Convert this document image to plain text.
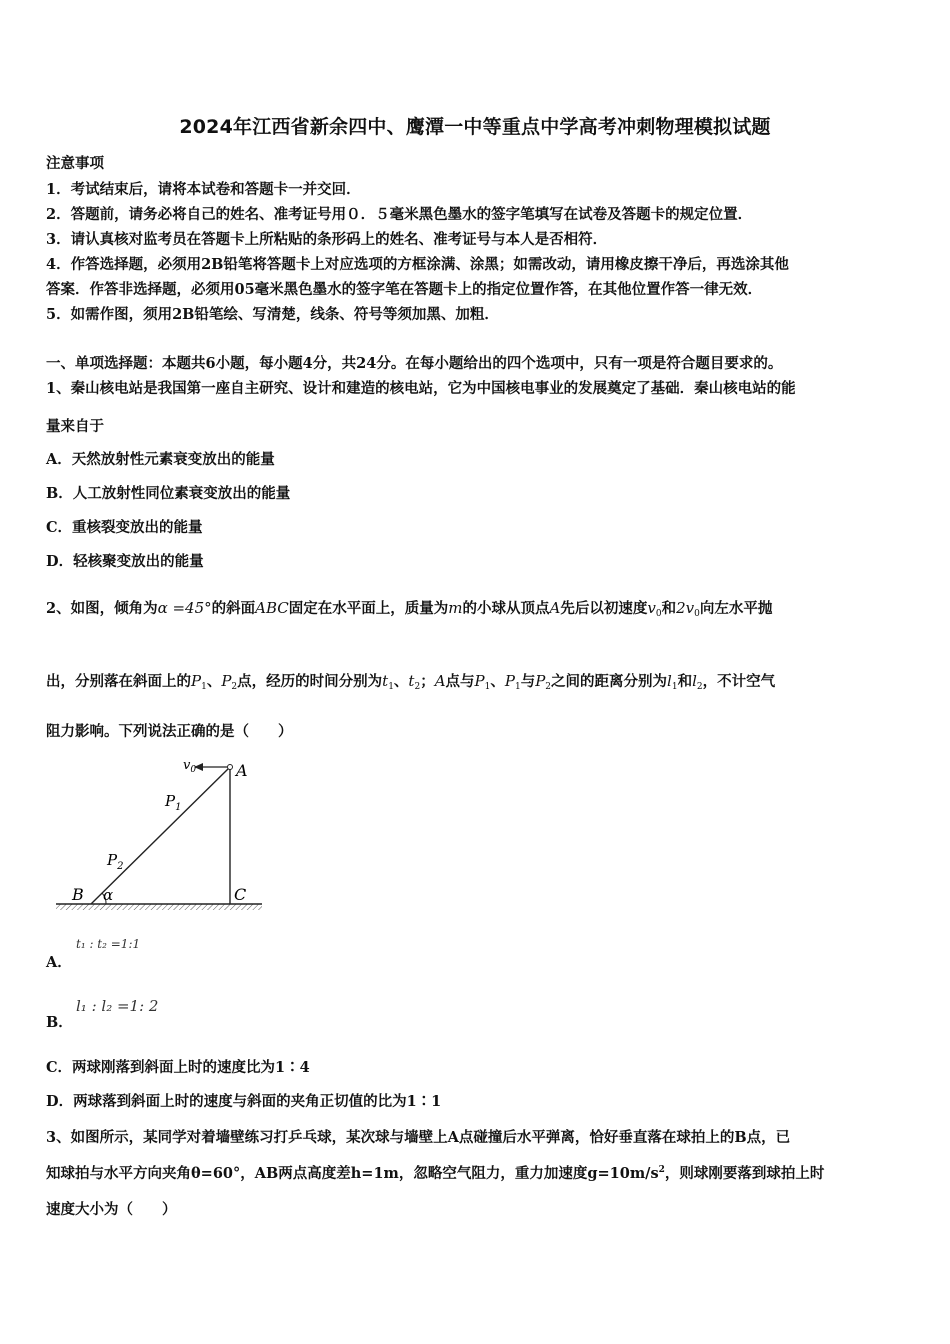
2024年江西省新余四中、鹰潭一中等重点中学高考冲刺物理模拟试题
注意事项
1．考试结束后，请将本试卷和答题卡一并交回．
2．答题前，请务必将自己的姓名、准考证号用０．５毫米黑色墨水的签字笔填写在试卷及答题卡的规定位置．
3．请认真核对监考员在答题卡上所粘贴的条形码上的姓名、准考证号与本人是否相符．
4．作答选择题，必须用2B铅笔将答题卡上对应选项的方框涂满、涂黑；如需改动，请用橡皮擦干净后，再选涂其他
答案．作答非选择题，必须用05毫米黑色墨水的签字笔在答题卡上的指定位置作答，在其他位置作答一律无效．
5．如需作图，须用2B铅笔绘、写清楚，线条、符号等须加黑、加粗．
一、单项选择题：本题共6小题，每小题4分，共24分。在每小题给出的四个选项中，只有一项是符合题目要求的。
1、秦山核电站是我国第一座自主研究、设计和建造的核电站，它为中国核电事业的发展奠定了基础．秦山核电站的能
量来自于
A．天然放射性元素衰变放出的能量
B．人工放射性同位素衰变放出的能量
C．重核裂变放出的能量
D．轻核聚变放出的能量
2、如图，倾角为α =45°的斜面ABC固定在水平面上，质量为m的小球从顶点A先后以初速度$v_0$和$2v_0$向左水平抛
出，分别落在斜面上的$P_1$、$P_2$点，经历的时间分别为$t_1$、$t_2$；A点与$P_1$、$P_1$与$P_2$之间的距离分别为$l_1$和$l_2$，不计空气
阻力影响。下列说法正确的是（　　）
$v_0$ A
$P_1$
$P_2$
B α	C
A．
t₁ : t₂ =1:1
B．
l₁ : l₂ =1: 2
C．两球刚落到斜面上时的速度比为1∶4
D．两球落到斜面上时的速度与斜面的夹角正切值的比为1∶1
3、如图所示，某同学对着墙壁练习打乒乓球，某次球与墙壁上A点碰撞后水平弹离，恰好垂直落在球拍上的B点，已
知球拍与水平方向夹角θ=60°，AB两点高度差h=1m，忽略空气阻力，重力加速度$g=10m/s^2$，则球刚要落到球拍上时
速度大小为（　　）
